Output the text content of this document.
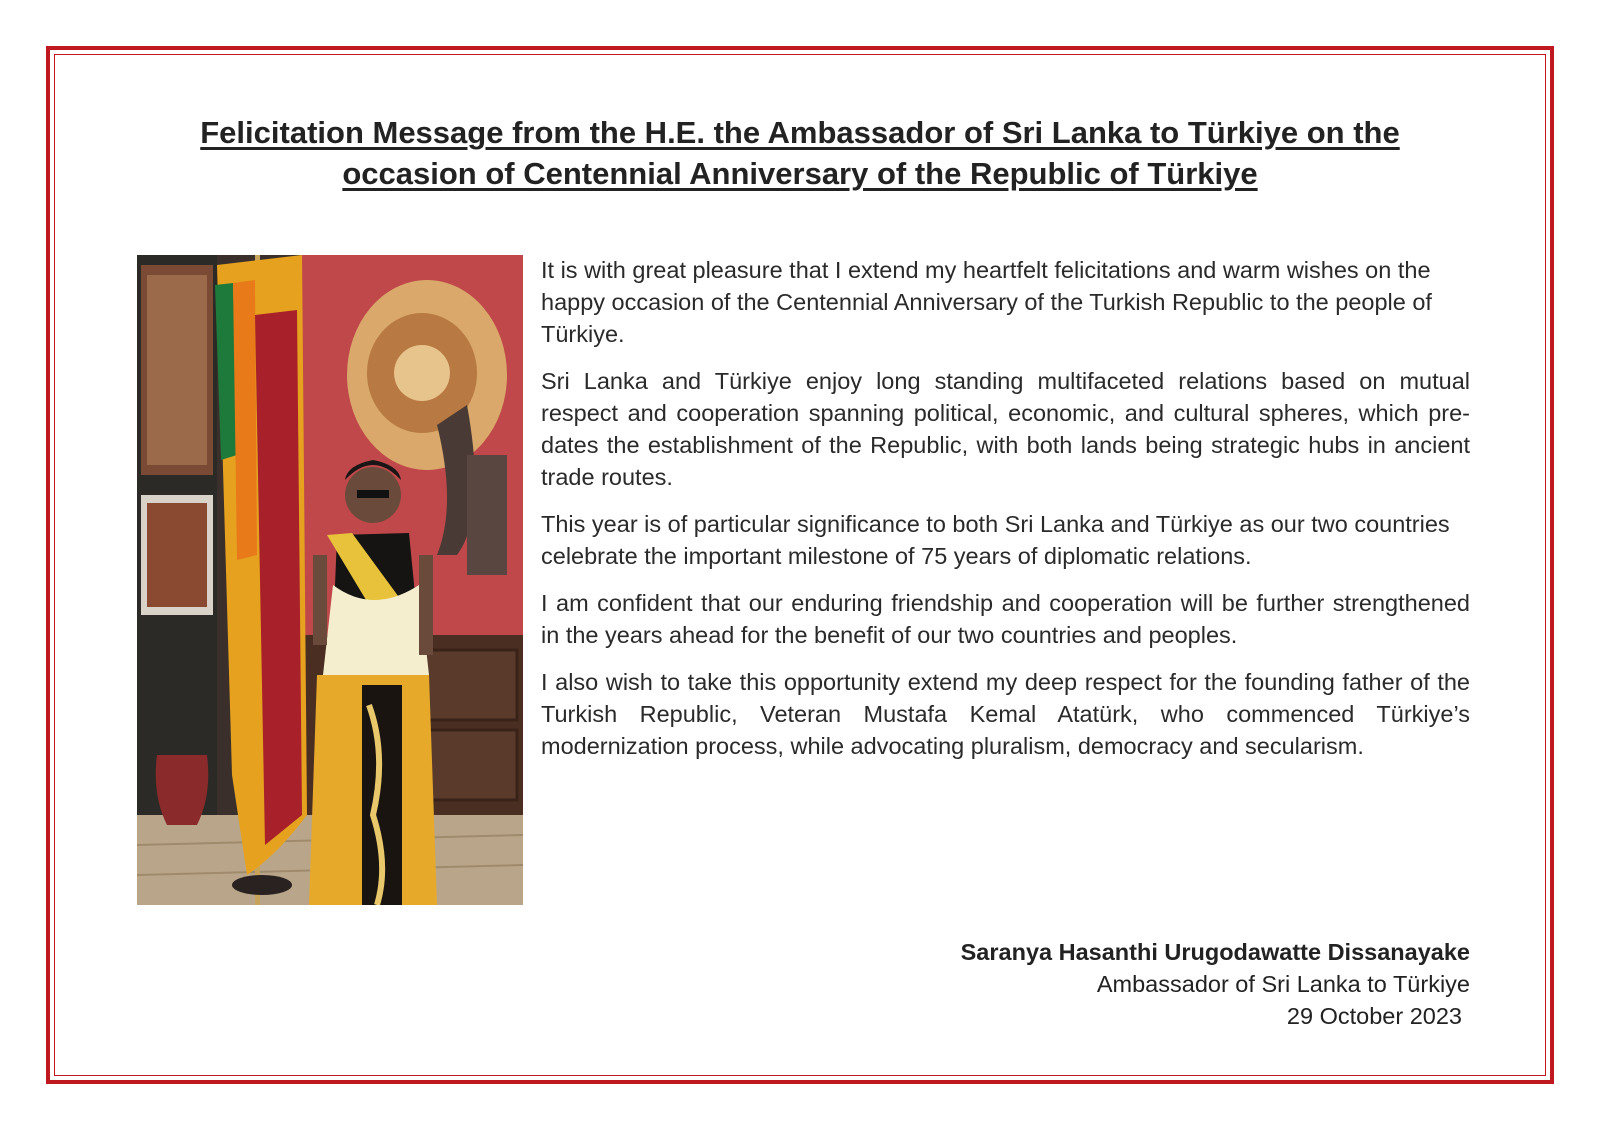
Felicitation Message from the H.E. the Ambassador of Sri Lanka to Türkiye on the
occasion of Centennial Anniversary of the Republic of Türkiye

It is with great pleasure that I extend my heartfelt felicitations and warm wishes on the happy occasion of the Centennial Anniversary of the Turkish Republic to the people of Türkiye.

Sri Lanka and Türkiye enjoy long standing multifaceted relations based on mutual respect and cooperation spanning political, economic, and cultural spheres, which pre-dates the establishment of the Republic, with both lands being strategic hubs in ancient trade routes.

This year is of particular significance to both Sri Lanka and Türkiye as our two countries celebrate the important milestone of 75 years of diplomatic relations.

I am confident that our enduring friendship and cooperation will be further strengthened in the years ahead for the benefit of our two countries and peoples.

I also wish to take this opportunity extend my deep respect for the founding father of the Turkish Republic, Veteran Mustafa Kemal Atatürk, who commenced Türkiye’s modernization process, while advocating pluralism, democracy and secularism.

Saranya Hasanthi Urugodawatte Dissanayake
Ambassador of Sri Lanka to Türkiye
29 October 2023
